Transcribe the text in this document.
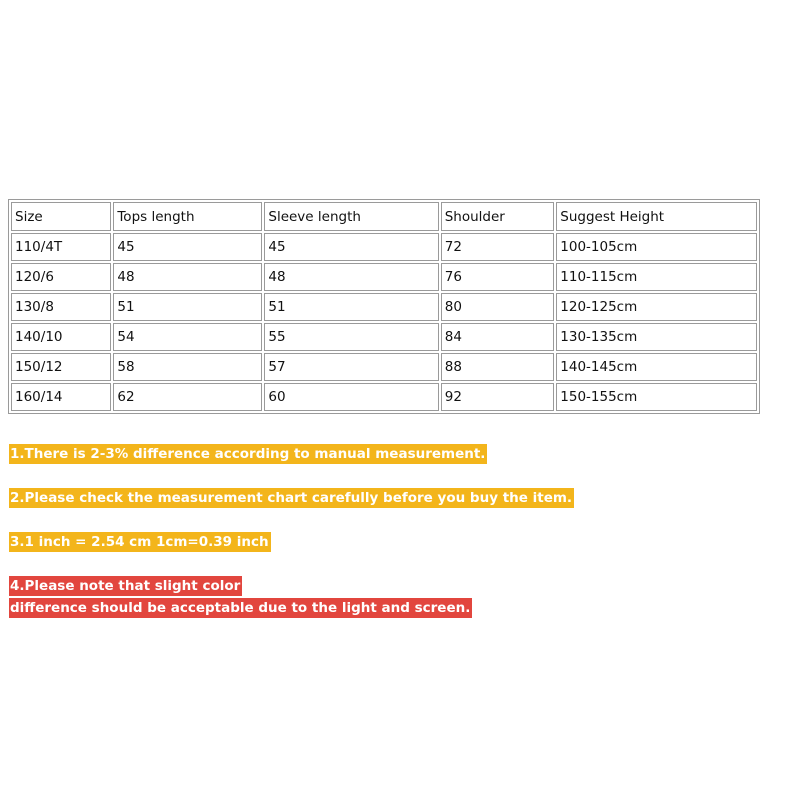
Size	Tops length	Sleeve length	Shoulder	Suggest Height
110/4T	45	45	72	100-105cm
120/6	48	48	76	110-115cm
130/8	51	51	80	120-125cm
140/10	54	55	84	130-135cm
150/12	58	57	88	140-145cm
160/14	62	60	92	150-155cm
1.There is 2-3% difference according to manual measurement.
2.Please check the measurement chart carefully before you buy the item.
3.1 inch = 2.54 cm 1cm=0.39 inch
4.Please note that slight color
difference should be acceptable due to the light and screen.
